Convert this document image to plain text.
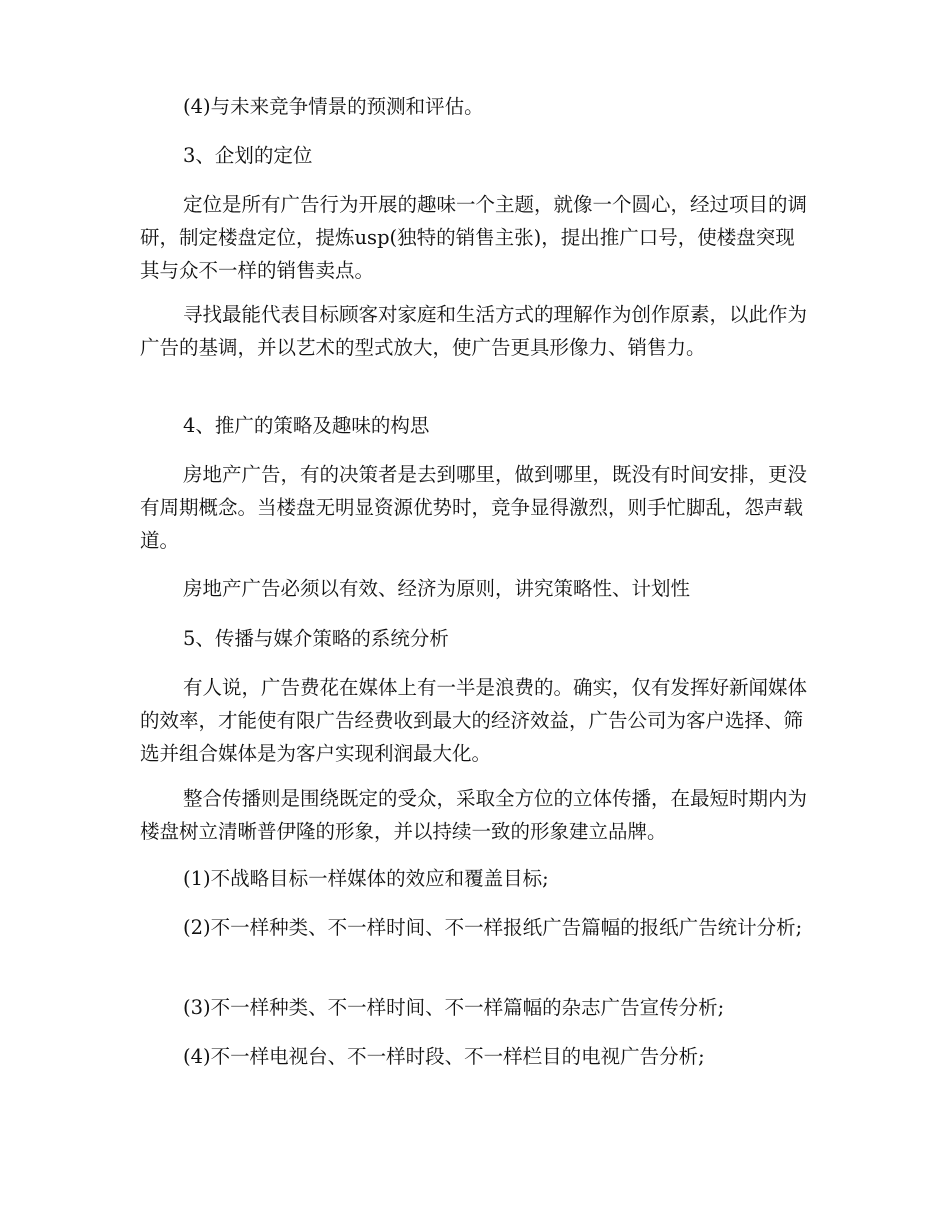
(4)与未来竞争情景的预测和评估。

3、企划的定位

定位是所有广告行为开展的趣味一个主题，就像一个圆心，经过项目的调研，制定楼盘定位，提炼usp(独特的销售主张)，提出推广口号，使楼盘突现其与众不一样的销售卖点。

寻找最能代表目标顾客对家庭和生活方式的理解作为创作原素，以此作为广告的基调，并以艺术的型式放大，使广告更具形像力、销售力。

4、推广的策略及趣味的构思

房地产广告，有的决策者是去到哪里，做到哪里，既没有时间安排，更没有周期概念。当楼盘无明显资源优势时，竞争显得激烈，则手忙脚乱，怨声载道。

房地产广告必须以有效、经济为原则，讲究策略性、计划性

5、传播与媒介策略的系统分析

有人说，广告费花在媒体上有一半是浪费的。确实，仅有发挥好新闻媒体的效率，才能使有限广告经费收到最大的经济效益，广告公司为客户选择、筛选并组合媒体是为客户实现利润最大化。

整合传播则是围绕既定的受众，采取全方位的立体传播，在最短时期内为楼盘树立清晰普伊隆的形象，并以持续一致的形象建立品牌。

(1)不战略目标一样媒体的效应和覆盖目标;

(2)不一样种类、不一样时间、不一样报纸广告篇幅的报纸广告统计分析;

(3)不一样种类、不一样时间、不一样篇幅的杂志广告宣传分析;

(4)不一样电视台、不一样时段、不一样栏目的电视广告分析;
